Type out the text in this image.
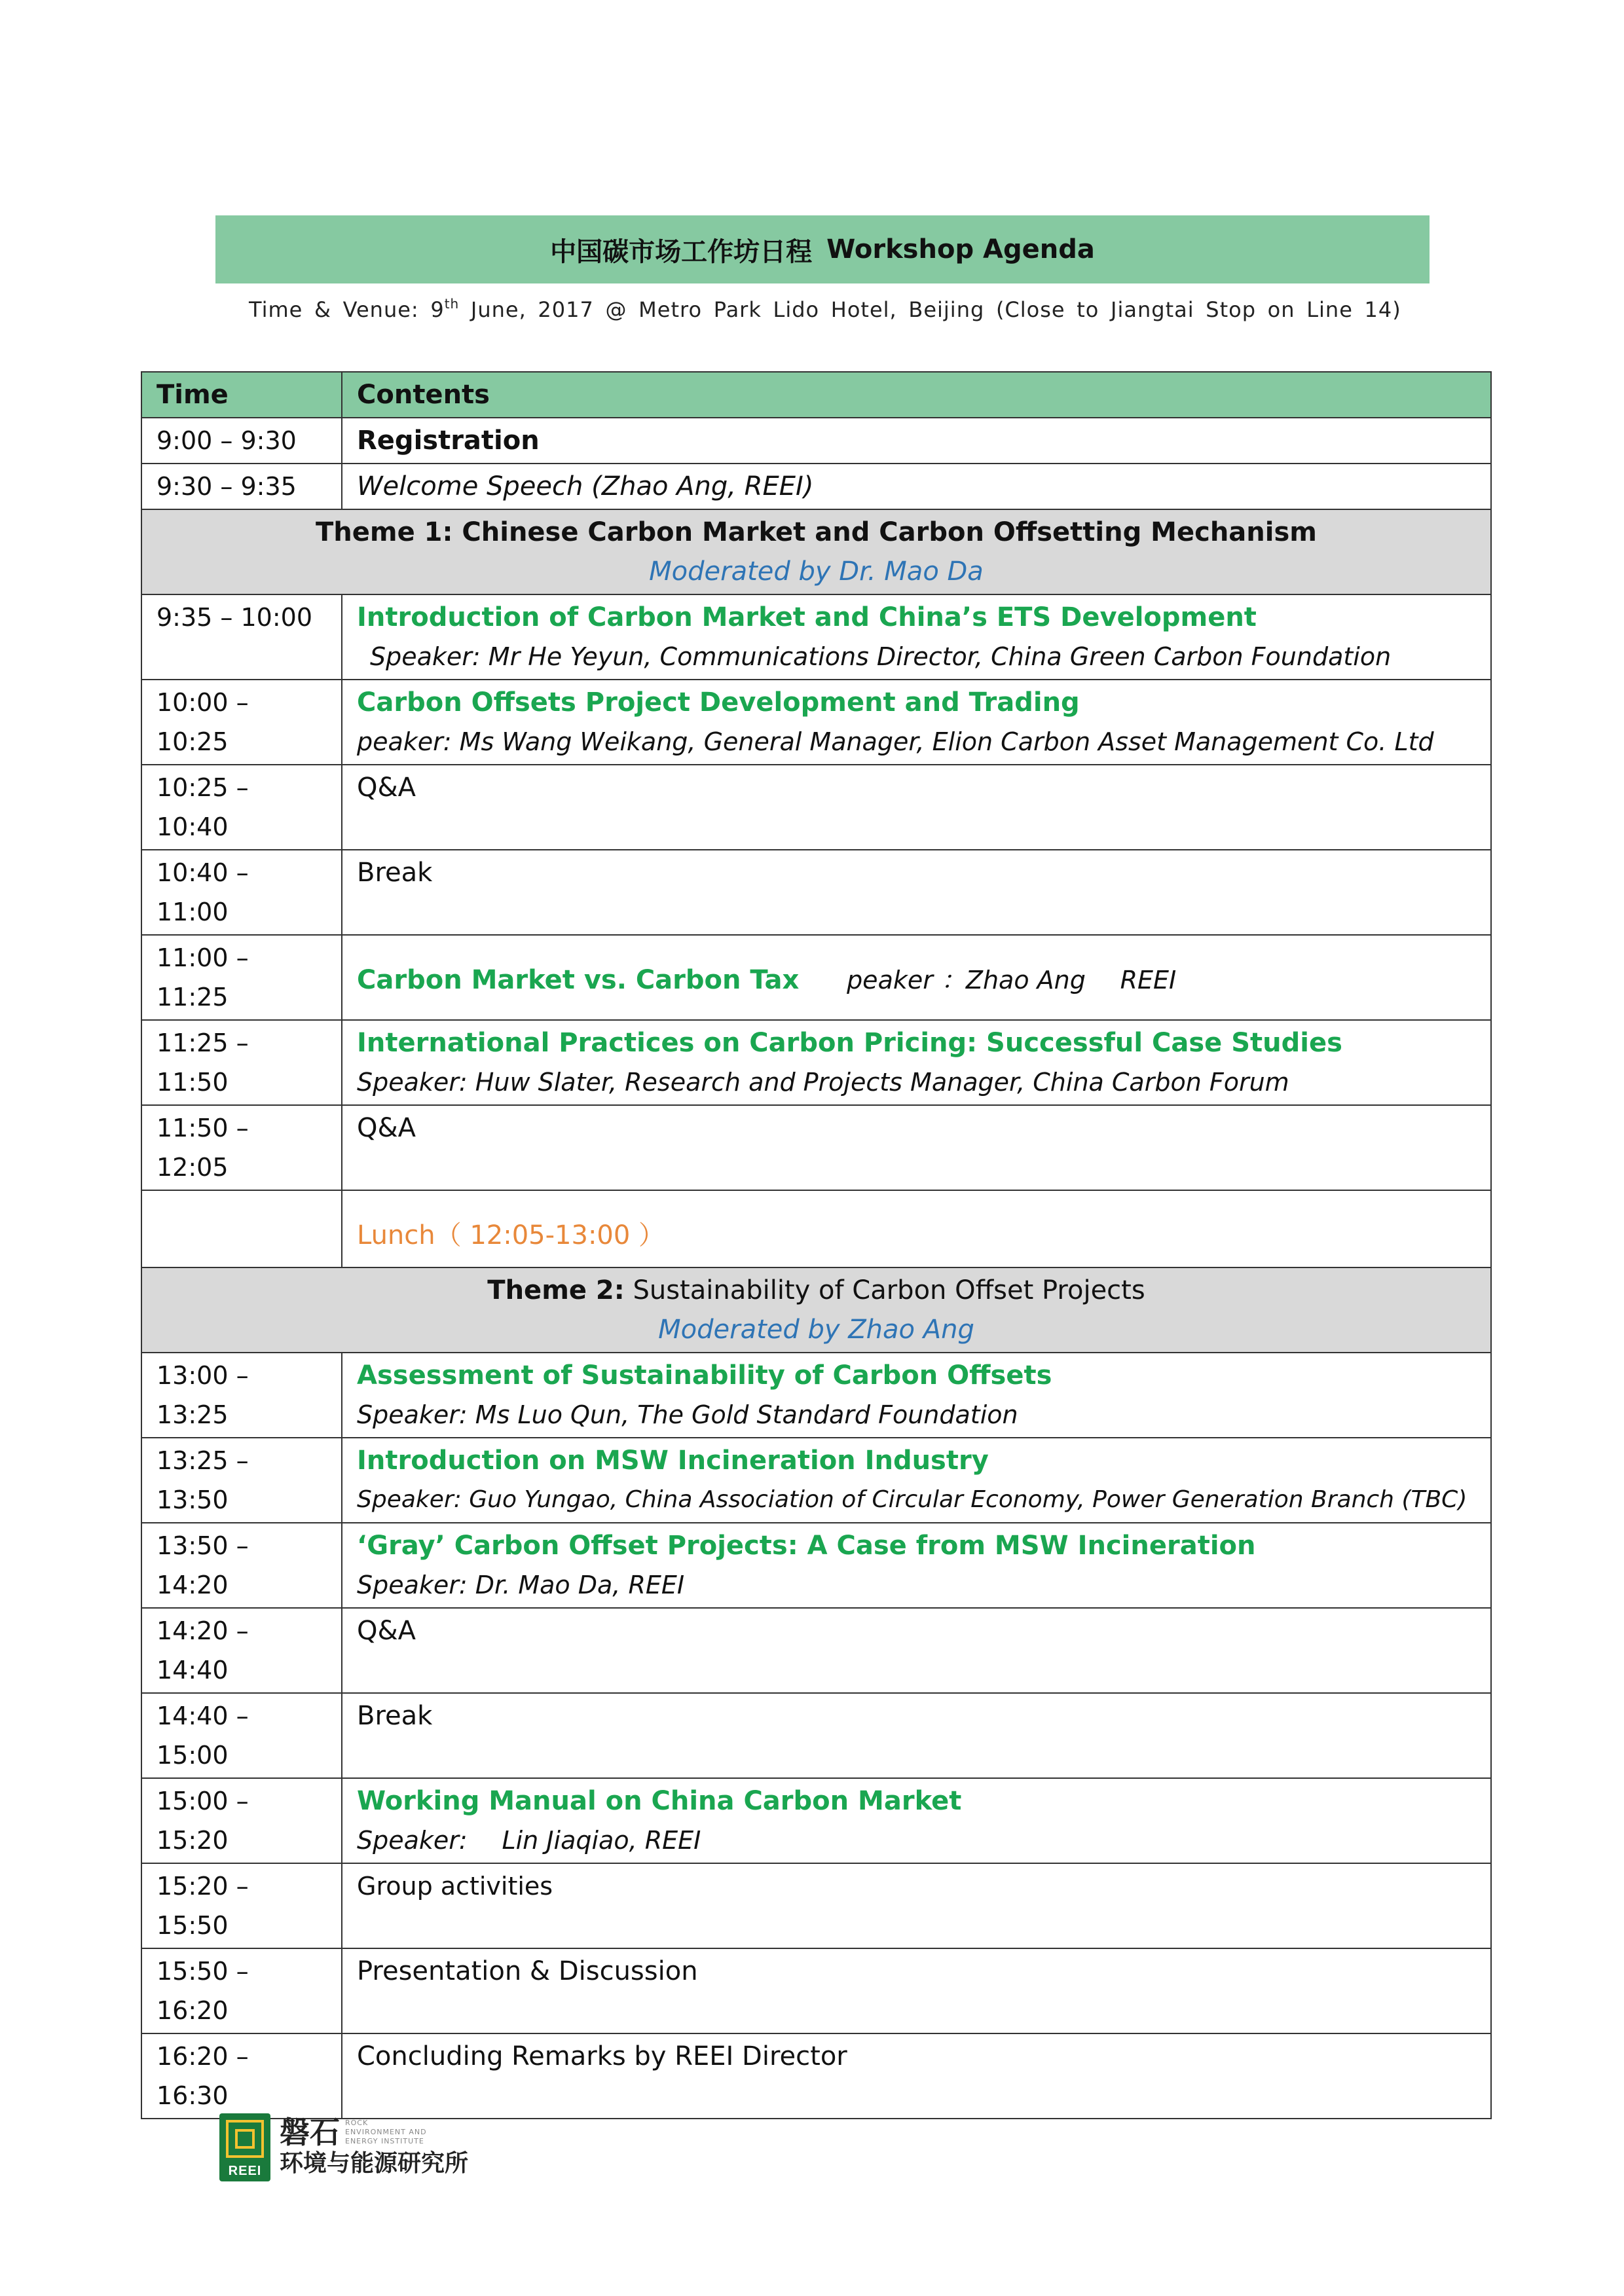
中国碳市场工作坊日程 Workshop Agenda
Time & Venue: 9th June, 2017 @ Metro Park Lido Hotel, Beijing (Close to Jiangtai Stop on Line 14)
Time	Contents
9:00 – 9:30	Registration
9:30 – 9:35	Welcome Speech (Zhao Ang, REEI)

Theme 1: Chinese Carbon Market and Carbon Offsetting Mechanism
Moderated by Dr. Mao Da	

9:35 – 10:00	Introduction of Carbon Market and China’s ETS Development
Speaker: Mr He Yeyun, Communications Director, China Green Carbon Foundation

10:00 – 10:25	Carbon Offsets Project Development and Trading
peaker: Ms Wang Weikang, General Manager, Elion Carbon Asset Management Co. Ltd

10:25 – 10:40	Q&A
10:40 – 11:00	Break
11:00 – 11:25	Carbon Market vs. Carbon Tax peaker ：Zhao Ang REEI
11:25 – 11:50	International Practices on Carbon Pricing: Successful Case Studies
Speaker: Huw Slater, Research and Projects Manager, China Carbon Forum

11:50 – 12:05	Q&A
	Lunch（ 12:05-13:00 ）

Theme 2: Sustainability of Carbon Offset Projects
Moderated by Zhao Ang	

13:00 – 13:25	Assessment of Sustainability of Carbon Offsets
Speaker: Ms Luo Qun, The Gold Standard Foundation

13:25 – 13:50	Introduction on MSW Incineration Industry
Speaker: Guo Yungao, China Association of Circular Economy, Power Generation Branch (TBC)

13:50 – 14:20	‘Gray’ Carbon Offset Projects: A Case from MSW Incineration
Speaker: Dr. Mao Da, REEI

14:20 – 14:40	Q&A
14:40 – 15:00	Break
15:00 – 15:20	Working Manual on China Carbon Market
Speaker: Lin Jiaqiao, REEI

15:20 – 15:50	Group activities
15:50 – 16:20	Presentation & Discussion
16:20 – 16:30	Concluding Remarks by REEI Director
REEI
磐石 ROCK ENVIRONMENT AND ENERGY INSTITUTE
环境与能源研究所
